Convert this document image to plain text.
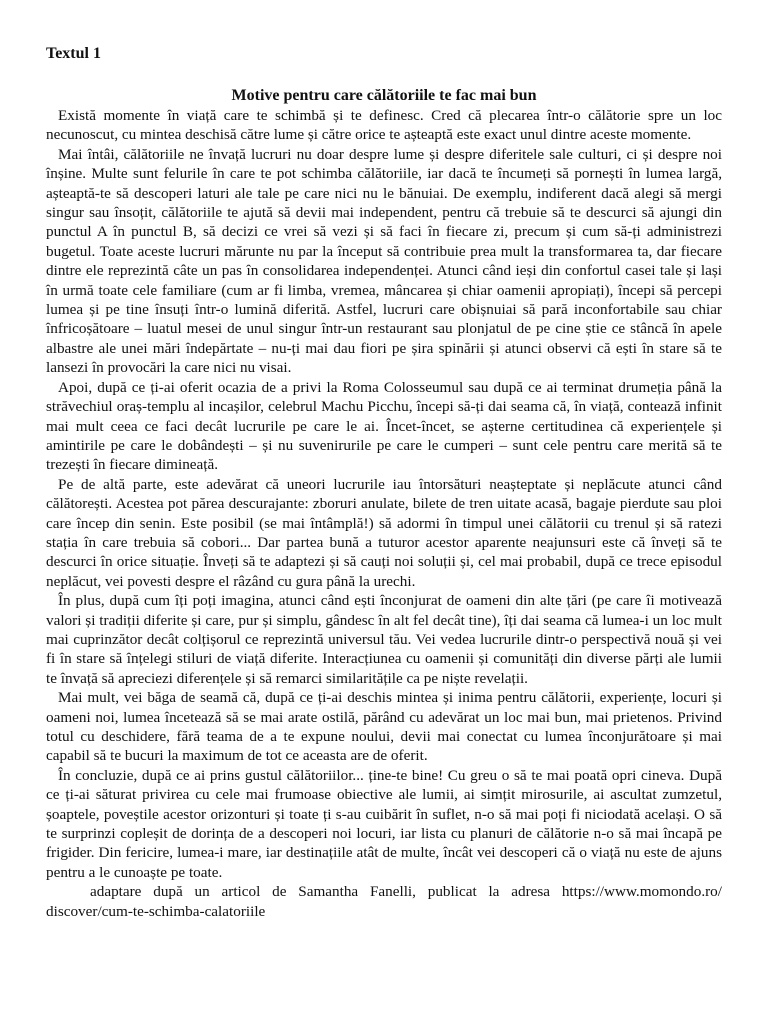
Textul 1
Motive pentru care călătoriile te fac mai bun

Există momente în viață care te schimbă și te definesc. Cred că plecarea într-o călătorie spre un loc necunoscut, cu mintea deschisă către lume și către orice te așteaptă este exact unul dintre aceste momente.

Mai întâi, călătoriile ne învață lucruri nu doar despre lume și despre diferitele sale culturi, ci și despre noi înșine. Multe sunt felurile în care te pot schimba călătoriile, iar dacă te încumeți să pornești în lumea largă, așteaptă-te să descoperi laturi ale tale pe care nici nu le bănuiai. De exemplu, indiferent dacă alegi să mergi singur sau însoțit, călătoriile te ajută să devii mai independent, pentru că trebuie să te descurci să ajungi din punctul A în punctul B, să decizi ce vrei să vezi și să faci în fiecare zi, precum și cum să-ți administrezi bugetul. Toate aceste lucruri mărunte nu par la început să contribuie prea mult la transformarea ta, dar fiecare dintre ele reprezintă câte un pas în consolidarea independenței. Atunci când ieși din confortul casei tale și lași în urmă toate cele familiare (cum ar fi limba, vremea, mâncarea și chiar oamenii apropiați), începi să percepi lumea și pe tine însuți într-o lumină diferită. Astfel, lucruri care obișnuiai să pară inconfortabile sau chiar înfricoșătoare – luatul mesei de unul singur într-un restaurant sau plonjatul de pe cine știe ce stâncă în apele albastre ale unei mări îndepărtate – nu-ți mai dau fiori pe șira spinării și atunci observi că ești în stare să te lansezi în provocări la care nici nu visai.

Apoi, după ce ți-ai oferit ocazia de a privi la Roma Colosseumul sau după ce ai terminat drumeția până la străvechiul oraș-templu al incașilor, celebrul Machu Picchu, începi să-ți dai seama că, în viață, contează infinit mai mult ceea ce faci decât lucrurile pe care le ai. Încet-încet, se așterne certitudinea că experiențele și amintirile pe care le dobândești – și nu suvenirurile pe care le cumperi – sunt cele pentru care merită să te trezești în fiecare dimineață.

Pe de altă parte, este adevărat că uneori lucrurile iau întorsături neașteptate și neplăcute atunci când călătorești. Acestea pot părea descurajante: zboruri anulate, bilete de tren uitate acasă, bagaje pierdute sau ploi care încep din senin. Este posibil (se mai întâmplă!) să adormi în timpul unei călătorii cu trenul și să ratezi stația în care trebuia să cobori... Dar partea bună a tuturor acestor aparente neajunsuri este că înveți să te descurci în orice situație. Înveți să te adaptezi și să cauți noi soluții și, cel mai probabil, după ce trece episodul neplăcut, vei povesti despre el râzând cu gura până la urechi.

În plus, după cum îți poți imagina, atunci când ești înconjurat de oameni din alte țări (pe care îi motivează valori și tradiții diferite și care, pur și simplu, gândesc în alt fel decât tine), îți dai seama că lumea-i un loc mult mai cuprinzător decât colțișorul ce reprezintă universul tău. Vei vedea lucrurile dintr-o perspectivă nouă și vei fi în stare să înțelegi stiluri de viață diferite. Interacțiunea cu oamenii și comunități din diverse părți ale lumii te învață să apreciezi diferențele și să remarci similaritățile ca pe niște revelații.

Mai mult, vei băga de seamă că, după ce ți-ai deschis mintea și inima pentru călătorii, experiențe, locuri și oameni noi, lumea încetează să se mai arate ostilă, părând cu adevărat un loc mai bun, mai prietenos. Privind totul cu deschidere, fără teama de a te expune noului, devii mai conectat cu lumea înconjurătoare și mai capabil să te bucuri la maximum de tot ce aceasta are de oferit.

În concluzie, după ce ai prins gustul călătoriilor... ține-te bine! Cu greu o să te mai poată opri cineva. După ce ți-ai săturat privirea cu cele mai frumoase obiective ale lumii, ai simțit mirosurile, ai ascultat zumzetul, șoaptele, poveștile acestor orizonturi și toate ți s-au cuibărit în suflet, n-o să mai poți fi niciodată același. O să te surprinzi copleșit de dorința de a descoperi noi locuri, iar lista cu planuri de călătorie n-o să mai încapă pe frigider. Din fericire, lumea-i mare, iar destinațiile atât de multe, încât vei descoperi că o viață nu este de ajuns pentru a le cunoaște pe toate.

adaptare după un articol de Samantha Fanelli, publicat la adresa https://www.momondo.ro/ discover/cum-te-schimba-calatoriile
